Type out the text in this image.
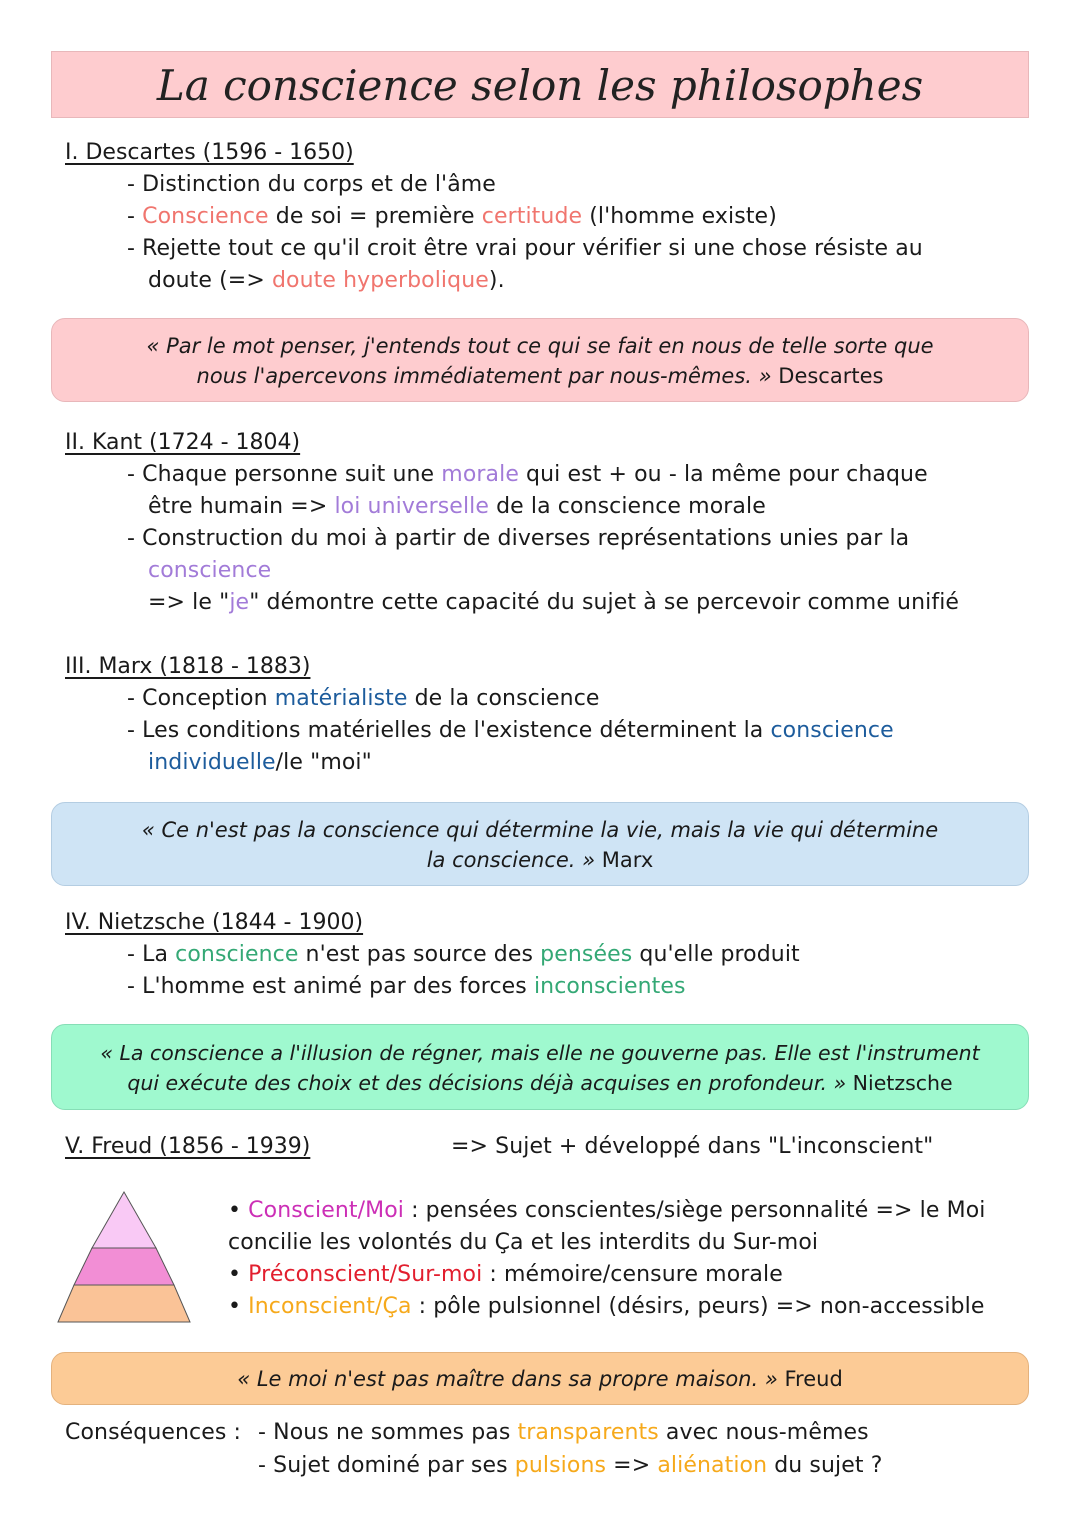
La conscience selon les philosophes
I. Descartes (1596 - 1650)
- Distinction du corps et de l'âme
- Conscience de soi = première certitude (l'homme existe)
- Rejette tout ce qu'il croit être vrai pour vérifier si une chose résiste au
doute (=> doute hyperbolique).
« Par le mot penser, j'entends tout ce qui se fait en nous de telle sorte que
nous l'apercevons immédiatement par nous-mêmes. » Descartes
II. Kant (1724 - 1804)
- Chaque personne suit une morale qui est + ou - la même pour chaque
être humain => loi universelle de la conscience morale
- Construction du moi à partir de diverses représentations unies par la
conscience
=> le "je" démontre cette capacité du sujet à se percevoir comme unifié
III. Marx (1818 - 1883)
- Conception matérialiste de la conscience
- Les conditions matérielles de l'existence déterminent la conscience
individuelle/le "moi"
« Ce n'est pas la conscience qui détermine la vie, mais la vie qui détermine
la conscience. » Marx
IV. Nietzsche (1844 - 1900)
- La conscience n'est pas source des pensées qu'elle produit
- L'homme est animé par des forces inconscientes
« La conscience a l'illusion de régner, mais elle ne gouverne pas. Elle est l'instrument
qui exécute des choix et des décisions déjà acquises en profondeur. » Nietzsche
V. Freud (1856 - 1939)	=> Sujet + développé dans "L'inconscient"
• Conscient/Moi : pensées conscientes/siège personnalité => le Moi
concilie les volontés du Ça et les interdits du Sur-moi
• Préconscient/Sur-moi : mémoire/censure morale
• Inconscient/Ça : pôle pulsionnel (désirs, peurs) => non-accessible
« Le moi n'est pas maître dans sa propre maison. » Freud
Conséquences : - Nous ne sommes pas transparents avec nous-mêmes
- Sujet dominé par ses pulsions => aliénation du sujet ?
